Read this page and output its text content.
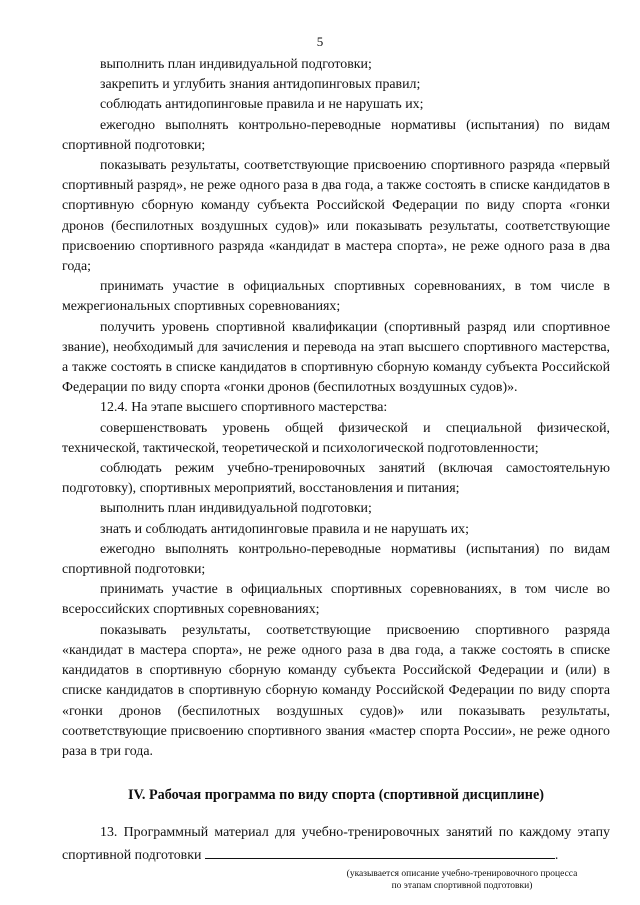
5

выполнить план индивидуальной подготовки;

закрепить и углубить знания антидопинговых правил;

соблюдать антидопинговые правила и не нарушать их;

ежегодно выполнять контрольно-переводные нормативы (испытания) по видам спортивной подготовки;

показывать результаты, соответствующие присвоению спортивного разряда «первый спортивный разряд», не реже одного раза в два года, а также состоять в списке кандидатов в спортивную сборную команду субъекта Российской Федерации по виду спорта «гонки дронов (беспилотных воздушных судов)» или показывать результаты, соответствующие присвоению спортивного разряда «кандидат в мастера спорта», не реже одного раза в два года;

принимать участие в официальных спортивных соревнованиях, в том числе в межрегиональных спортивных соревнованиях;

получить уровень спортивной квалификации (спортивный разряд или спортивное звание), необходимый для зачисления и перевода на этап высшего спортивного мастерства, а также состоять в списке кандидатов в спортивную сборную команду субъекта Российской Федерации по виду спорта «гонки дронов (беспилотных воздушных судов)».

12.4. На этапе высшего спортивного мастерства:

совершенствовать уровень общей физической и специальной физической, технической, тактической, теоретической и психологической подготовленности;

соблюдать режим учебно-тренировочных занятий (включая самостоятельную подготовку), спортивных мероприятий, восстановления и питания;

выполнить план индивидуальной подготовки;

знать и соблюдать антидопинговые правила и не нарушать их;

ежегодно выполнять контрольно-переводные нормативы (испытания) по видам спортивной подготовки;

принимать участие в официальных спортивных соревнованиях, в том числе во всероссийских спортивных соревнованиях;

показывать результаты, соответствующие присвоению спортивного разряда «кандидат в мастера спорта», не реже одного раза в два года, а также состоять в списке кандидатов в спортивную сборную команду субъекта Российской Федерации и (или) в списке кандидатов в спортивную сборную команду Российской Федерации по виду спорта «гонки дронов (беспилотных воздушных судов)» или показывать результаты, соответствующие присвоению спортивного звания «мастер спорта России», не реже одного раза в три года.

IV. Рабочая программа по виду спорта (спортивной дисциплине)

13. Программный материал для учебно-тренировочных занятий по каждому этапу спортивной подготовки	.

(указывается описание учебно-тренировочного процесса
по этапам спортивной подготовки)
